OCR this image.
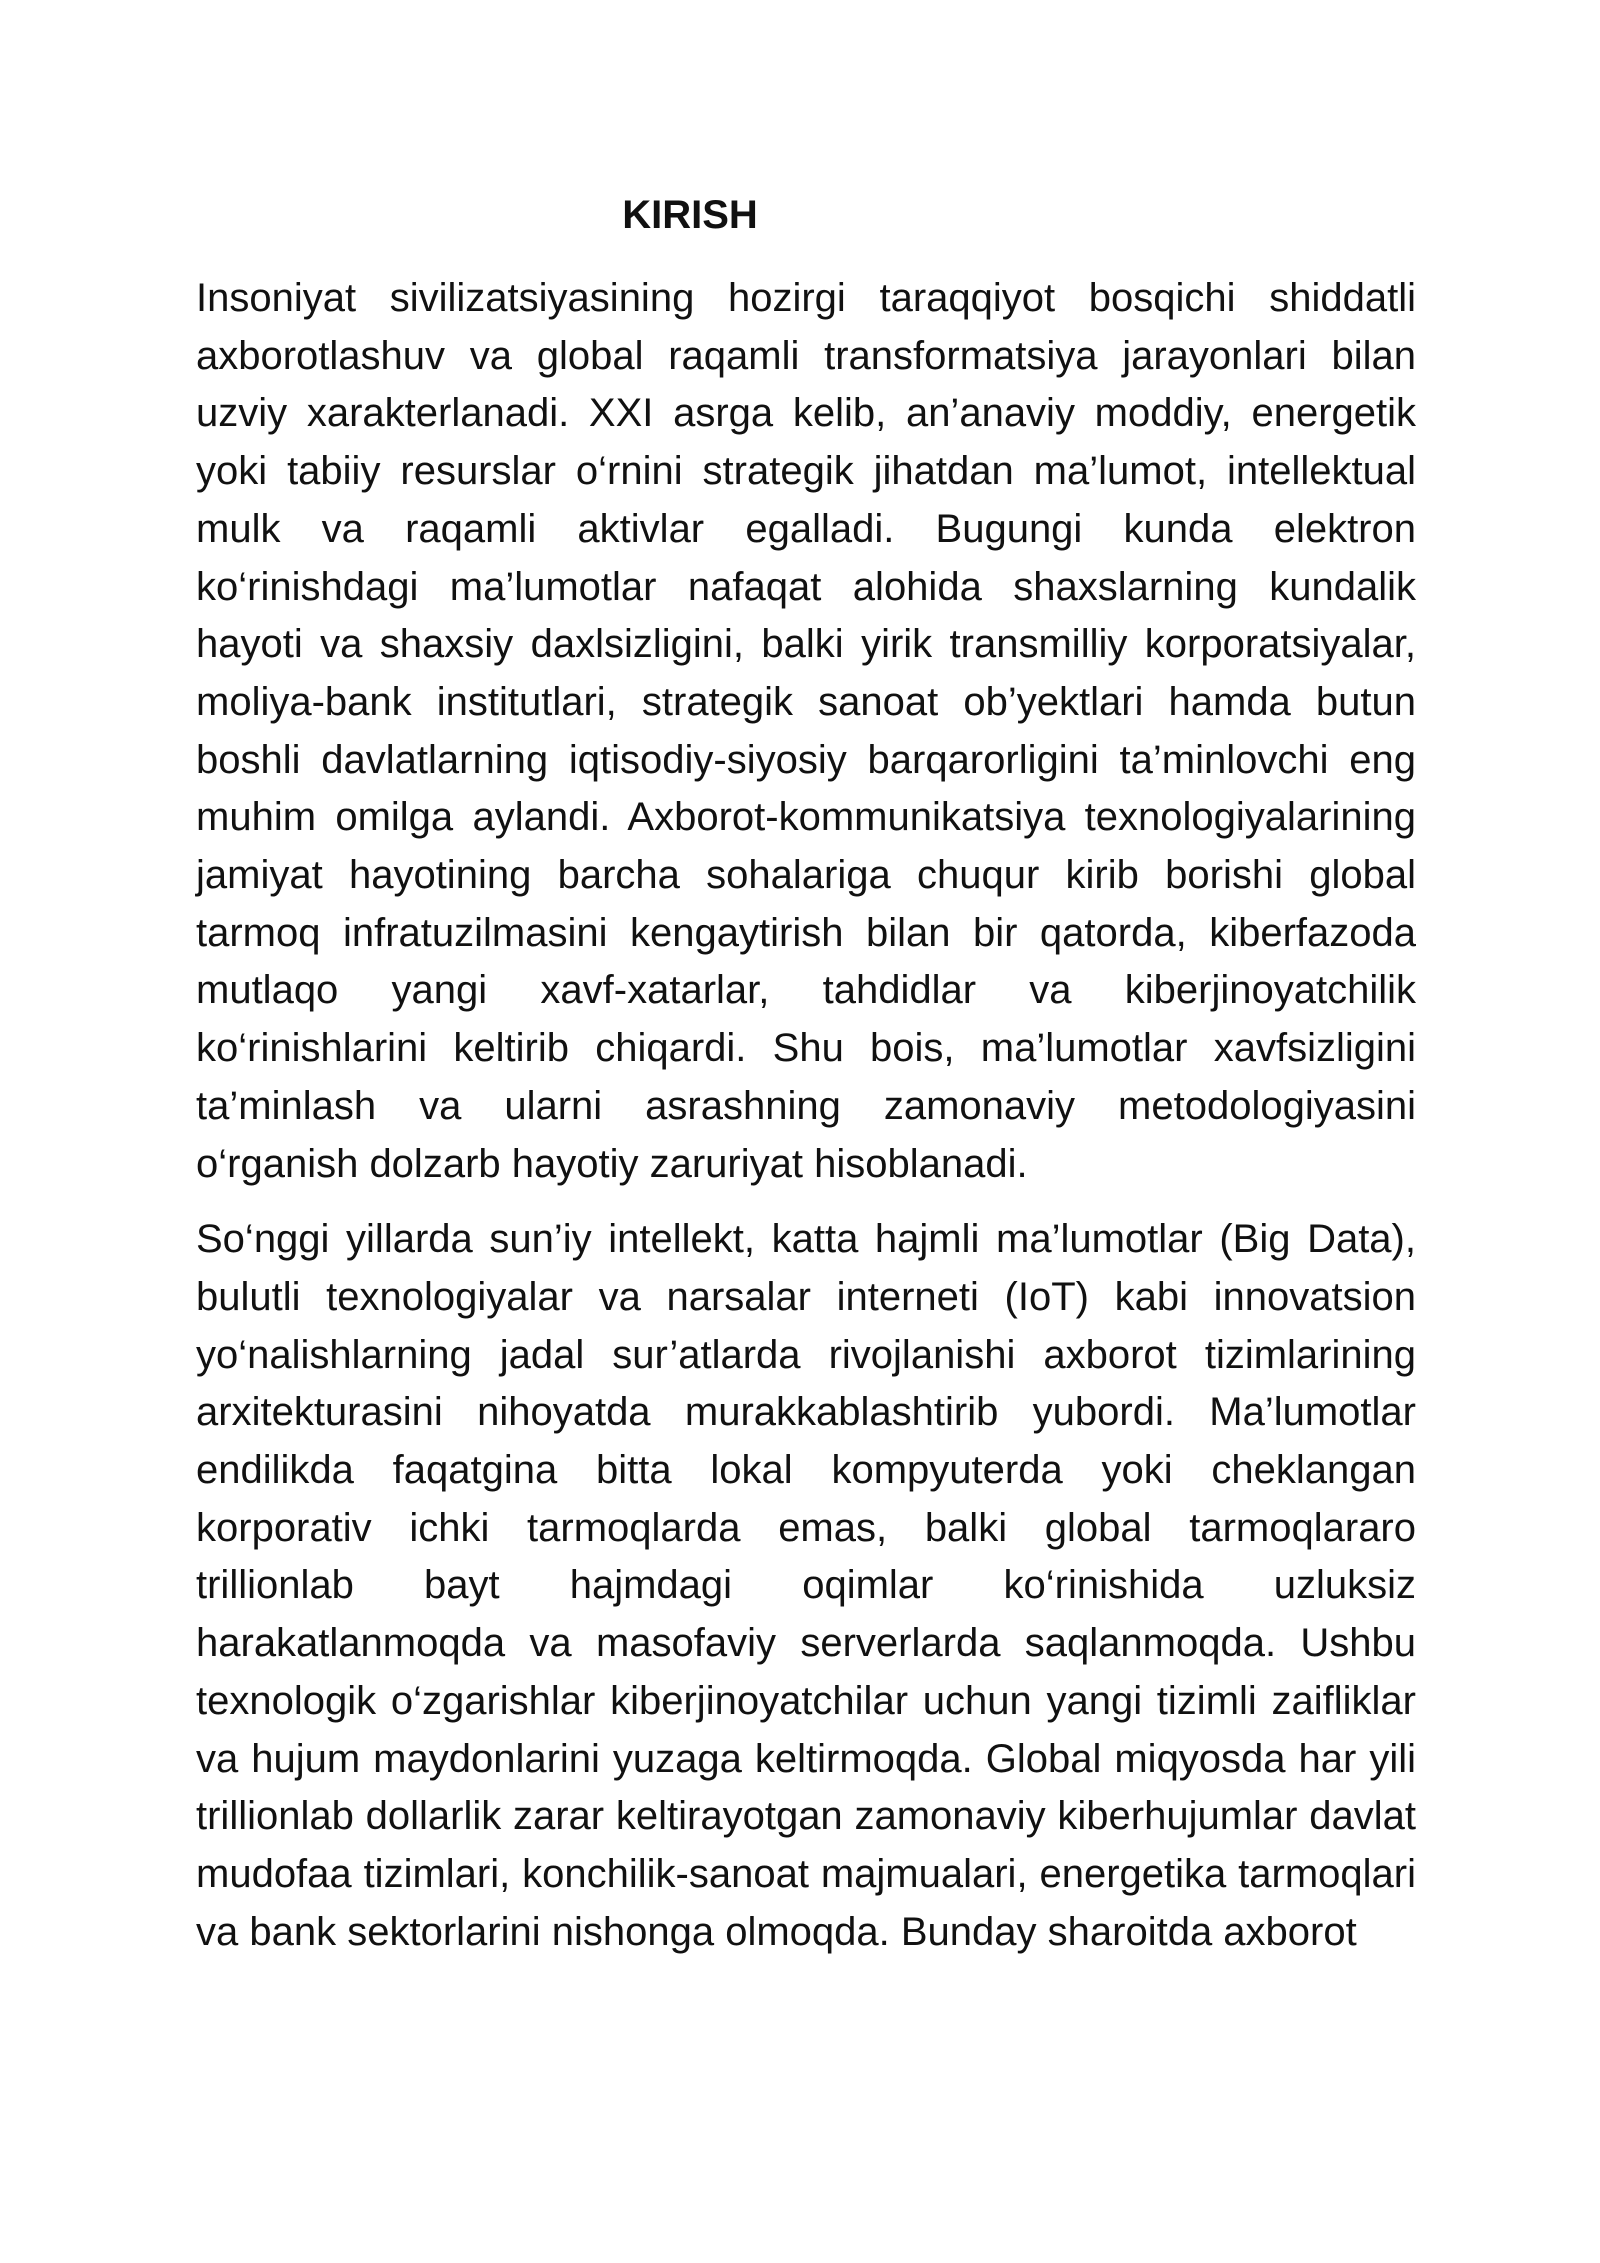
KIRISH

Insoniyat sivilizatsiyasining hozirgi taraqqiyot bosqichi shiddatli axborotlashuv va global raqamli transformatsiya jarayonlari bilan uzviy xarakterlanadi. XXI asrga kelib, an’anaviy moddiy, energetik yoki tabiiy resurslar o‘rnini strategik jihatdan ma’lumot, intellektual mulk va raqamli aktivlar egalladi. Bugungi kunda elektron ko‘rinishdagi ma’lumotlar nafaqat alohida shaxslarning kundalik hayoti va shaxsiy daxlsizligini, balki yirik transmilliy korporatsiyalar, moliya-bank institutlari, strategik sanoat ob’yektlari hamda butun boshli davlatlarning iqtisodiy-siyosiy barqarorligini ta’minlovchi eng muhim omilga aylandi. Axborot-kommunikatsiya texnologiyalarining jamiyat hayotining barcha sohalariga chuqur kirib borishi global tarmoq infratuzilmasini kengaytirish bilan bir qatorda, kiberfazoda mutlaqo yangi xavf-xatarlar, tahdidlar va kiberjinoyatchilik ko‘rinishlarini keltirib chiqardi. Shu bois, ma’lumotlar xavfsizligini ta’minlash va ularni asrashning zamonaviy metodologiyasini o‘rganish dolzarb hayotiy zaruriyat hisoblanadi.

So‘nggi yillarda sun’iy intellekt, katta hajmli ma’lumotlar (Big Data), bulutli texnologiyalar va narsalar interneti (IoT) kabi innovatsion yo‘nalishlarning jadal sur’atlarda rivojlanishi axborot tizimlarining arxitekturasini nihoyatda murakkablashtirib yubordi. Ma’lumotlar endilikda faqatgina bitta lokal kompyuterda yoki cheklangan korporativ ichki tarmoqlarda emas, balki global tarmoqlararo trillionlab bayt hajmdagi oqimlar ko‘rinishida uzluksiz harakatlanmoqda va masofaviy serverlarda saqlanmoqda. Ushbu texnologik o‘zgarishlar kiberjinoyatchilar uchun yangi tizimli zaifliklar va hujum maydonlarini yuzaga keltirmoqda. Global miqyosda har yili trillionlab dollarlik zarar keltirayotgan zamonaviy kiberhujumlar davlat mudofaa tizimlari, konchilik-sanoat majmualari, energetika tarmoqlari va bank sektorlarini nishonga olmoqda. Bunday sharoitda axborot
